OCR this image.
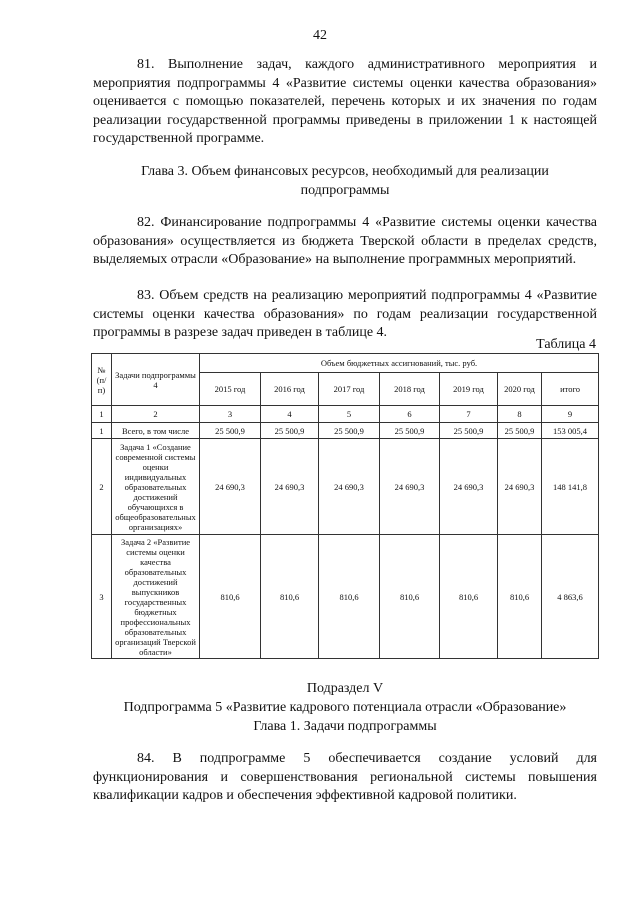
42

81. Выполнение задач, каждого административного мероприятия и мероприятия подпрограммы 4 «Развитие системы оценки качества образования» оценивается с помощью показателей, перечень которых и их значения по годам реализации государственной программы приведены в приложении 1 к настоящей государственной программе.

Глава 3. Объем финансовых ресурсов, необходимый для реализации подпрограммы

82. Финансирование подпрограммы 4 «Развитие системы оценки качества образования» осуществляется из бюджета Тверской области в пределах средств, выделяемых отрасли «Образование» на выполнение программных мероприятий.

83. Объем средств на реализацию мероприятий подпрограммы 4 «Развитие системы оценки качества образования» по годам реализации государственной программы в разрезе задач приведен в таблице 4.

Таблица 4
№ (п/п)	Задачи подпрограммы 4	Объем бюджетных ассигнований, тыс. руб.						
		2015 год	2016 год	2017 год	2018 год	2019 год	2020 год	итого
1	2	3	4	5	6	7	8	9
1	Всего, в том числе	25 500,9	25 500,9	25 500,9	25 500,9	25 500,9	25 500,9	153 005,4
2	Задача 1 «Создание современной системы оценки индивидуальных образовательных достижений обучающихся в общеобразовательных организациях»	24 690,3	24 690,3	24 690,3	24 690,3	24 690,3	24 690,3	148 141,8
3	Задача 2 «Развитие системы оценки качества образовательных достижений выпускников государственных бюджетных профессиональных образовательных организаций Тверской области»	810,6	810,6	810,6	810,6	810,6	810,6	4 863,6

Подраздел V

Подпрограмма 5 «Развитие кадрового потенциала отрасли «Образование»

Глава 1. Задачи подпрограммы

84. В подпрограмме 5 обеспечивается создание условий для функционирования и совершенствования региональной системы повышения квалификации кадров и обеспечения эффективной кадровой политики.
